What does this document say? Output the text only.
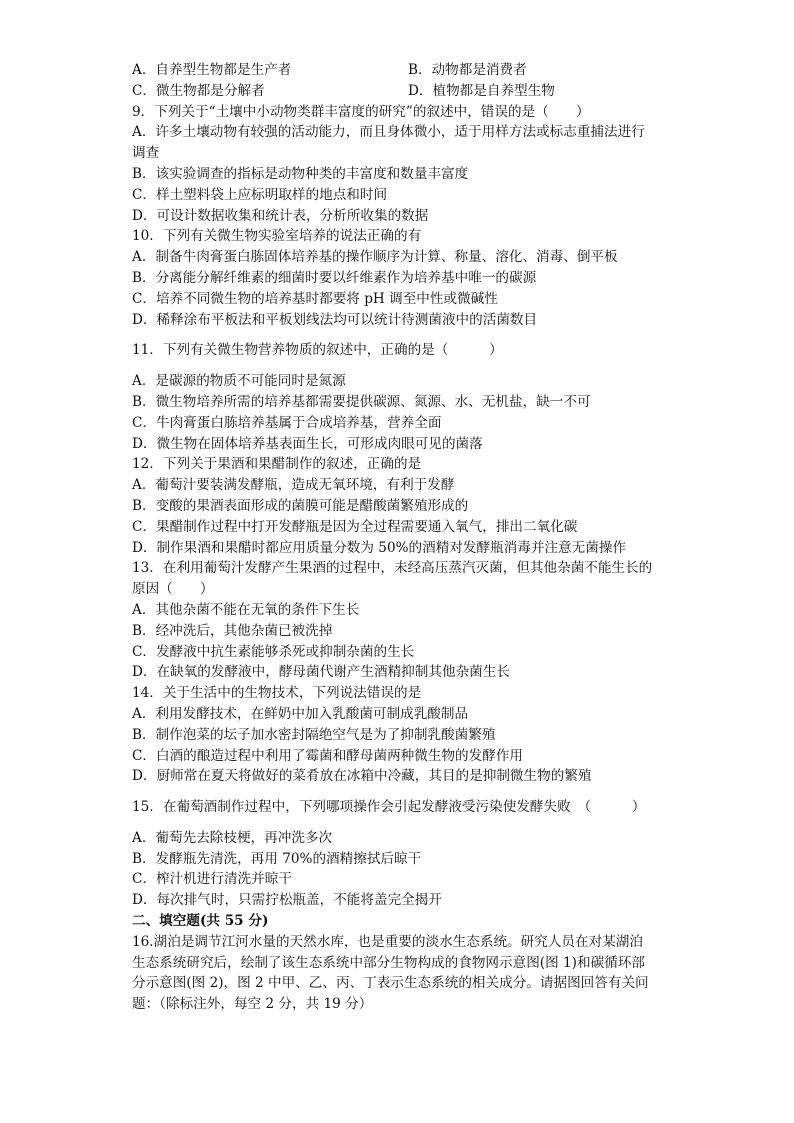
A．自养型生物都是生产者	B．动物都是消费者
C．微生物都是分解者	D．植物都是自养型生物
9．下列关于“土壤中小动物类群丰富度的研究”的叙述中，错误的是（　　）
A．许多土壤动物有较强的活动能力，而且身体微小，适于用样方法或标志重捕法进行
调查
B．该实验调查的指标是动物种类的丰富度和数量丰富度
C．样土塑料袋上应标明取样的地点和时间
D．可设计数据收集和统计表，分析所收集的数据
10．下列有关微生物实验室培养的说法正确的有
A．制备牛肉膏蛋白胨固体培养基的操作顺序为计算、称量、溶化、消毒、倒平板
B．分离能分解纤维素的细菌时要以纤维素作为培养基中唯一的碳源
C．培养不同微生物的培养基时都要将 pH 调至中性或微碱性
D．稀释涂布平板法和平板划线法均可以统计待测菌液中的活菌数目
11．下列有关微生物营养物质的叙述中，正确的是（　　　）
A．是碳源的物质不可能同时是氮源
B．微生物培养所需的培养基都需要提供碳源、氮源、水、无机盐，缺一不可
C．牛肉膏蛋白胨培养基属于合成培养基，营养全面
D．微生物在固体培养基表面生长，可形成肉眼可见的菌落
12．下列关于果酒和果醋制作的叙述，正确的是
A．葡萄汁要装满发酵瓶，造成无氧环境，有利于发酵
B．变酸的果酒表面形成的菌膜可能是醋酸菌繁殖形成的
C．果醋制作过程中打开发酵瓶是因为全过程需要通入氧气，排出二氧化碳
D．制作果酒和果醋时都应用质量分数为 50%的酒精对发酵瓶消毒并注意无菌操作
13．在利用葡萄汁发酵产生果酒的过程中，未经高压蒸汽灭菌，但其他杂菌不能生长的
原因（　　）
A．其他杂菌不能在无氧的条件下生长
B．经冲洗后，其他杂菌已被洗掉
C．发酵液中抗生素能够杀死或抑制杂菌的生长
D．在缺氧的发酵液中，酵母菌代谢产生酒精抑制其他杂菌生长
14．关于生活中的生物技术，下列说法错误的是
A．利用发酵技术，在鲜奶中加入乳酸菌可制成乳酸制品
B．制作泡菜的坛子加水密封隔绝空气是为了抑制乳酸菌繁殖
C．白酒的酿造过程中利用了霉菌和酵母菌两种微生物的发酵作用
D．厨师常在夏天将做好的菜肴放在冰箱中冷藏，其目的是抑制微生物的繁殖
15．在葡萄酒制作过程中，下列哪项操作会引起发酵液受污染使发酵失败　（　　　）
A．葡萄先去除枝梗，再冲洗多次
B．发酵瓶先清洗，再用 70%的酒精擦拭后晾干
C．榨汁机进行清洗并晾干
D．每次排气时，只需拧松瓶盖，不能将盖完全揭开
二、填空题(共 55 分)
16.湖泊是调节江河水量的天然水库，也是重要的淡水生态系统。研究人员在对某湖泊
生态系统研究后，绘制了该生态系统中部分生物构成的食物网示意图(图 1)和碳循环部
分示意图(图 2)，图 2 中甲、乙、丙、丁表示生态系统的相关成分。请据图回答有关问
题：（除标注外，每空 2 分，共 19 分）
